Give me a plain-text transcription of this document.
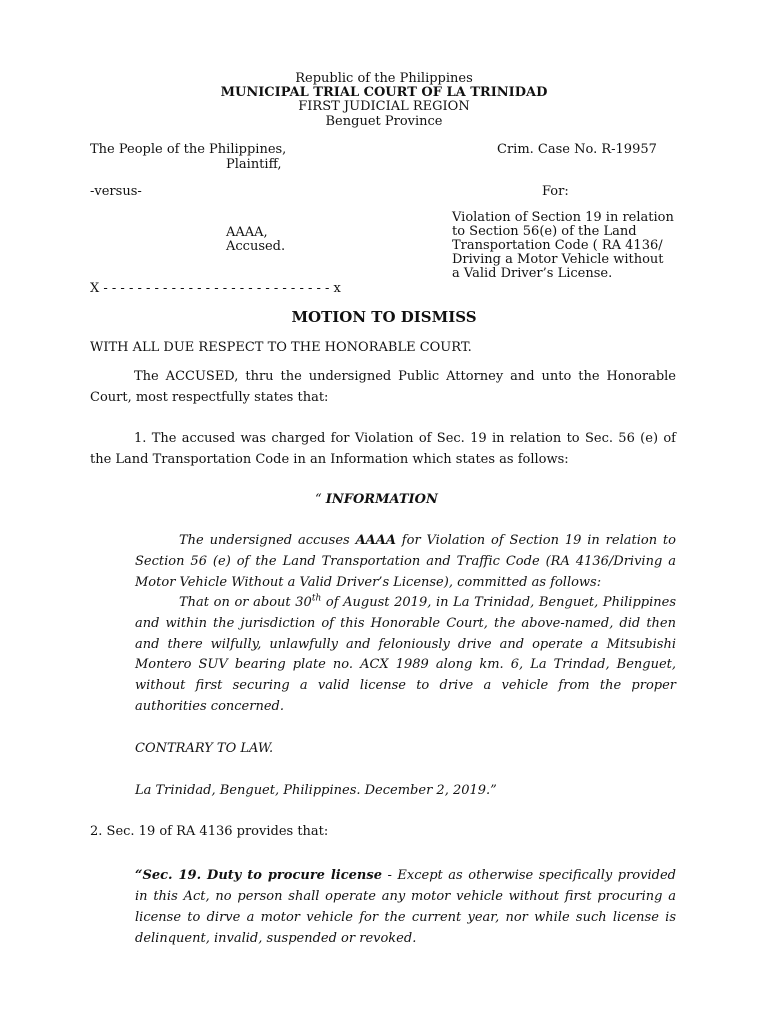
Republic of the Philippines
MUNICIPAL TRIAL COURT OF LA TRINIDAD
FIRST JUDICIAL REGION
Benguet Province
The People of the Philippines,
Plaintiff,
Crim. Case No. R-19957
-versus-	For:
AAAA,
Accused.
Violation of Section 19 in relation
to Section 56(e) of the Land
Transportation Code ( RA 4136/
Driving a Motor Vehicle without
a Valid Driver’s License.
X - - - - - - - - - - - - - - - - - - - - - - - - - - - x
MOTION TO DISMISS
WITH ALL DUE RESPECT TO THE HONORABLE COURT.
The ACCUSED, thru the undersigned Public Attorney and unto the Honorable Court, most respectfully states that:
1. The accused was charged for Violation of Sec. 19 in relation to Sec. 56 (e) of the Land Transportation Code in an Information which states as follows:
“ INFORMATION
The undersigned accuses AAAA for Violation of Section 19 in relation to Section 56 (e) of the Land Transportation and Traffic Code (RA 4136/Driving a Motor Vehicle Without a Valid Driver’s License), committed as follows:
That on or about 30th of August 2019, in La Trinidad, Benguet, Philippines and within the jurisdiction of this Honorable Court, the above-named, did then and there wilfully, unlawfully and feloniously drive and operate a Mitsubishi Montero SUV bearing plate no. ACX 1989 along km. 6, La Trindad, Benguet, without first securing a valid license to drive a vehicle from the proper authorities concerned.
CONTRARY TO LAW.
La Trinidad, Benguet, Philippines. December 2, 2019.”
2. Sec. 19 of RA 4136 provides that:
“Sec. 19. Duty to procure license - Except as otherwise specifically provided in this Act, no person shall operate any motor vehicle without first procuring a license to dirve a motor vehicle for the current year, nor while such license is delinquent, invalid, suspended or revoked.
